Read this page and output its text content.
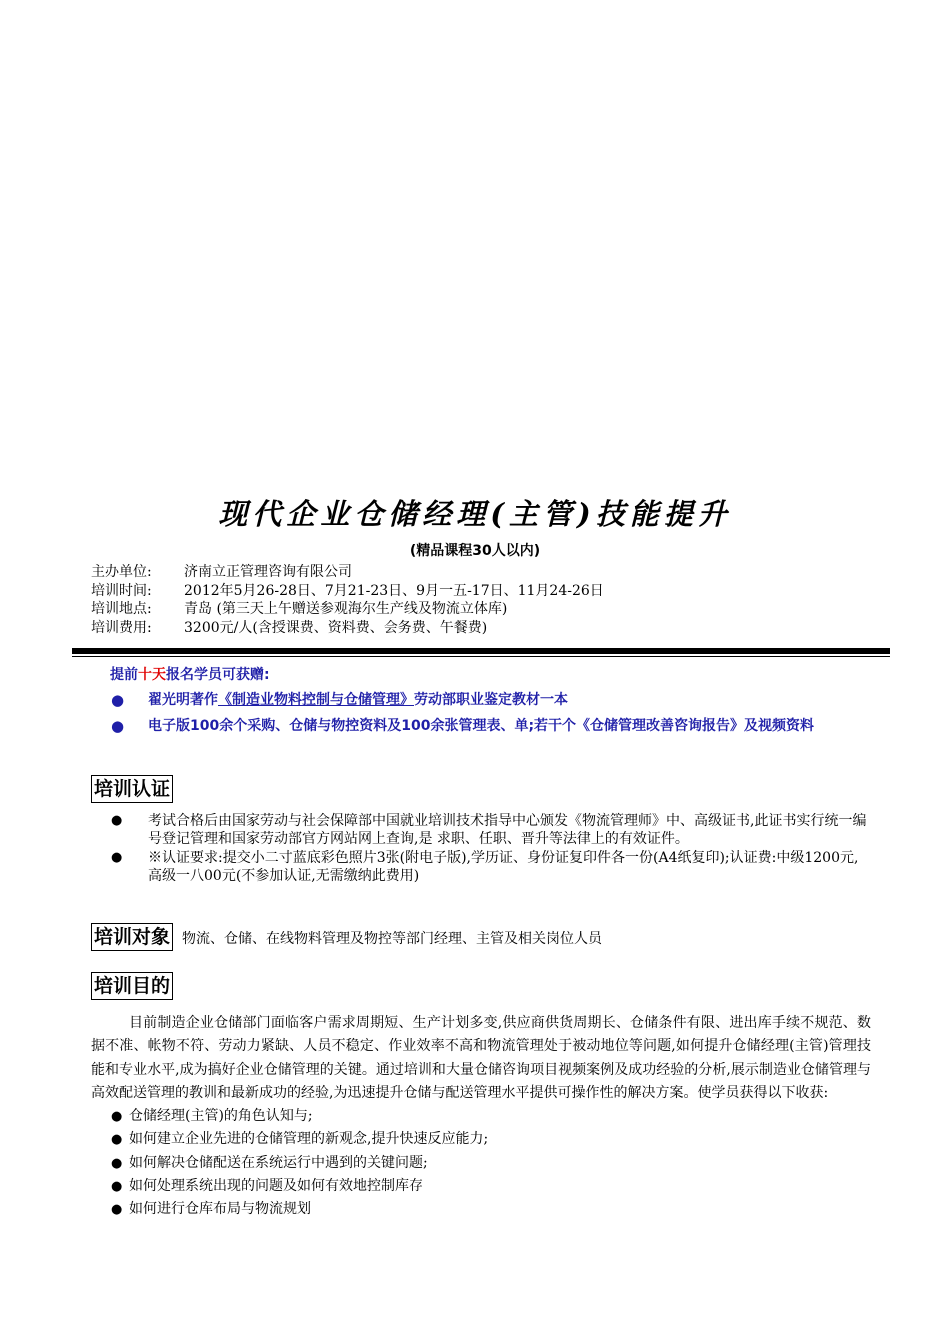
现代企业仓储经理(主管)技能提升
(精品课程30人以内)
主办单位:	济南立正管理咨询有限公司
培训时间:	2012年5月26-28日、7月21-23日、9月一五-17日、11月24-26日
培训地点:	青岛 (第三天上午赠送参观海尔生产线及物流立体库)
培训费用:	3200元/人(含授课费、资料费、会务费、午餐费)
提前十天报名学员可获赠:
● 翟光明著作《制造业物料控制与仓储管理》劳动部职业鉴定教材一本
● 电子版100余个采购、仓储与物控资料及100余张管理表、单;若干个《仓储管理改善咨询报告》及视频资料
培训认证
● 考试合格后由国家劳动与社会保障部中国就业培训技术指导中心颁发《物流管理师》中、高级证书,此证书实行统一编号登记管理和国家劳动部官方网站网上查询,是 求职、任职、晋升等法律上的有效证件。
● ※认证要求:提交小二寸蓝底彩色照片3张(附电子版),学历证、身份证复印件各一份(A4纸复印);认证费:中级1200元,高级一八00元(不参加认证,无需缴纳此费用)
培训对象 物流、仓储、在线物料管理及物控等部门经理、主管及相关岗位人员
培训目的

目前制造企业仓储部门面临客户需求周期短、生产计划多变,供应商供货周期长、仓储条件有限、进出库手续不规范、数据不准、帐物不符、劳动力紧缺、人员不稳定、作业效率不高和物流管理处于被动地位等问题,如何提升仓储经理(主管)管理技能和专业水平,成为搞好企业仓储管理的关键。通过培训和大量仓储咨询项目视频案例及成功经验的分析,展示制造业仓储管理与高效配送管理的教训和最新成功的经验,为迅速提升仓储与配送管理水平提供可操作性的解决方案。使学员获得以下收获:

● 仓储经理(主管)的角色认知与;
● 如何建立企业先进的仓储管理的新观念,提升快速反应能力;
● 如何解决仓储配送在系统运行中遇到的关键问题;
● 如何处理系统出现的问题及如何有效地控制库存
● 如何进行仓库布局与物流规划
